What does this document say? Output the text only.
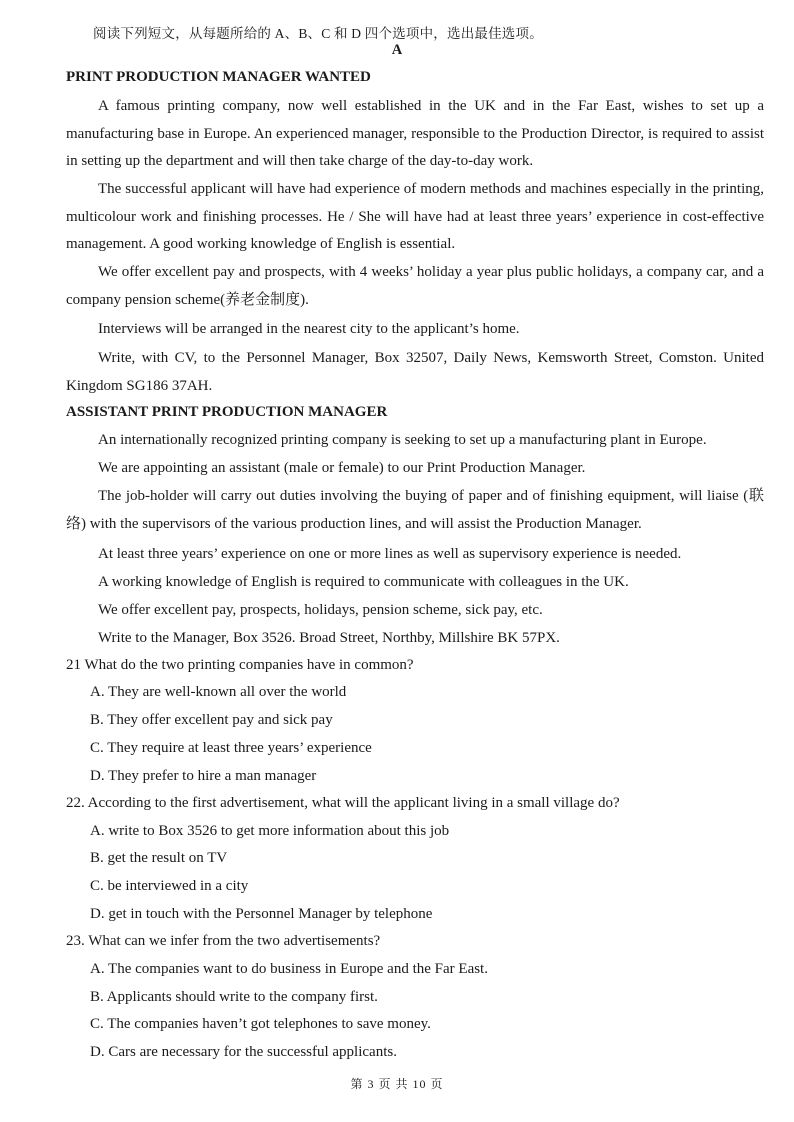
阅读下列短文，从每题所给的 A、B、C 和 D 四个选项中，选出最佳选项。
A
PRINT PRODUCTION MANAGER WANTED

A famous printing company, now well established in the UK and in the Far East, wishes to set up a manufacturing base in Europe. An experienced manager, responsible to the Production Director, is required to assist in setting up the department and will then take charge of the day-to-day work.

The successful applicant will have had experience of modern methods and machines especially in the printing, multicolour work and finishing processes. He / She will have had at least three years’ experience in cost-effective management. A good working knowledge of English is essential.

We offer excellent pay and prospects, with 4 weeks’ holiday a year plus public holidays, a company car, and a company pension scheme(养老金制度).

Interviews will be arranged in the nearest city to the applicant’s home.

Write, with CV, to the Personnel Manager, Box 32507, Daily News, Kemsworth Street, Comston. United Kingdom SG186 37AH.

ASSISTANT PRINT PRODUCTION MANAGER

An internationally recognized printing company is seeking to set up a manufacturing plant in Europe.

We are appointing an assistant (male or female) to our Print Production Manager.

The job-holder will carry out duties involving the buying of paper and of finishing equipment, will liaise (联络) with the supervisors of the various production lines, and will assist the Production Manager.

At least three years’ experience on one or more lines as well as supervisory experience is needed.

A working knowledge of English is required to communicate with colleagues in the UK.

We offer excellent pay, prospects, holidays, pension scheme, sick pay, etc.

Write to the Manager, Box 3526. Broad Street, Northby, Millshire BK 57PX.

21 What do the two printing companies have in common?

A. They are well-known all over the world

B. They offer excellent pay and sick pay

C. They require at least three years’ experience

D. They prefer to hire a man manager

22. According to the first advertisement, what will the applicant living in a small village do?

A. write to Box 3526 to get more information about this job

B. get the result on TV

C. be interviewed in a city

D. get in touch with the Personnel Manager by telephone

23. What can we infer from the two advertisements?

A. The companies want to do business in Europe and the Far East.

B. Applicants should write to the company first.

C. The companies haven’t got telephones to save money.

D. Cars are necessary for the successful applicants.

第 3 页 共 10 页
